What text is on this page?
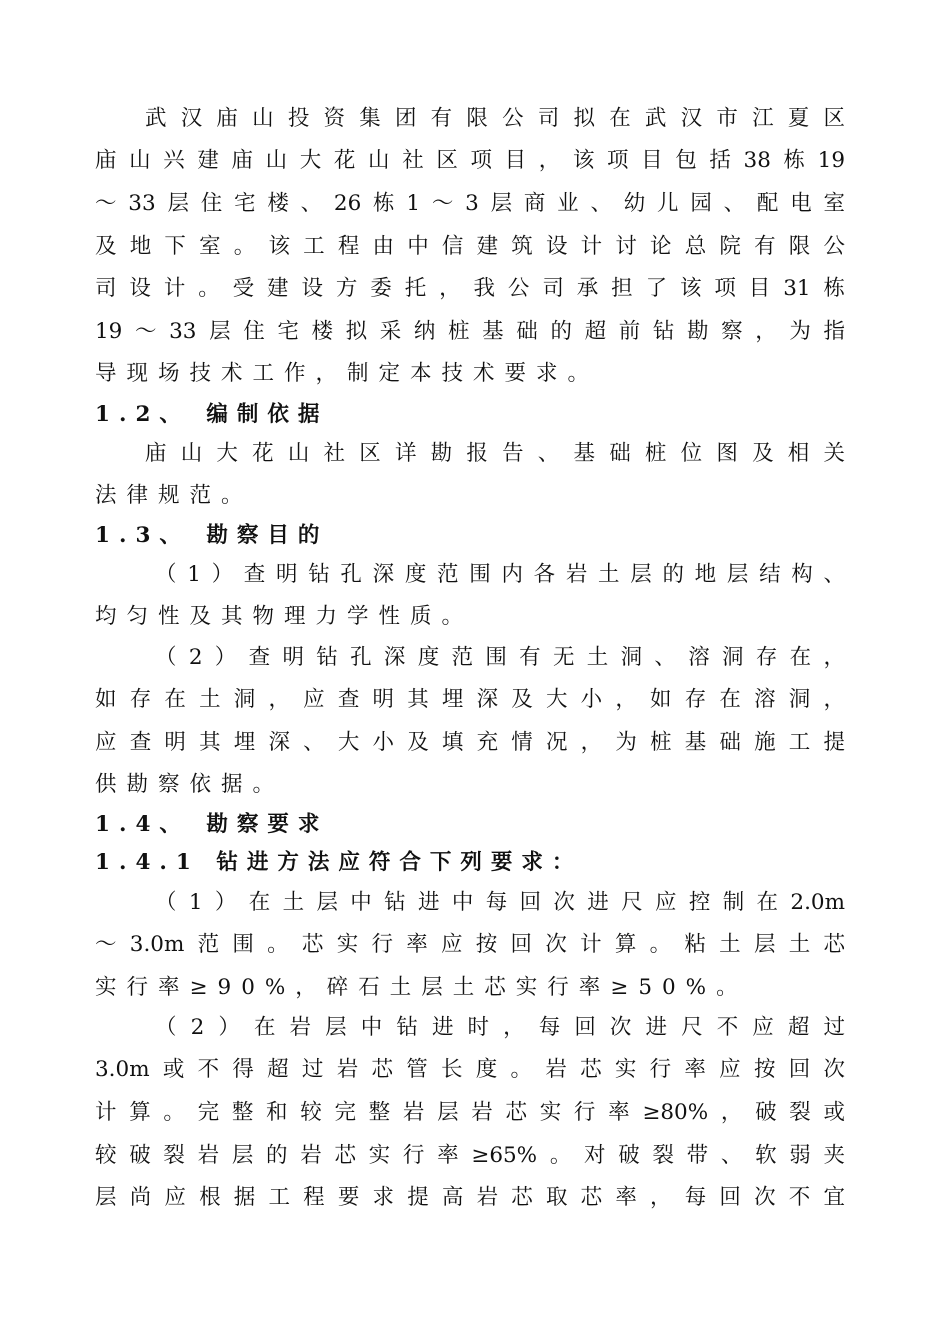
武汉庙山投资集团有限公司拟在武汉市江夏区
庙山兴建庙山大花山社区项目，该项目包括38栋19
～33层住宅楼、26栋1～3层商业、幼儿园、配电室
及地下室。该工程由中信建筑设计讨论总院有限公
司设计。受建设方委托，我公司承担了该项目31栋
19～33层住宅楼拟采纳桩基础的超前钻勘察，为指
导现场技术工作，制定本技术要求。
1.2、 编制依据
庙山大花山社区详勘报告、基础桩位图及相关
法律规范。
1.3、 勘察目的
（1）查明钻孔深度范围内各岩土层的地层结构、
均匀性及其物理力学性质。
（2）查明钻孔深度范围有无土洞、溶洞存在，
如存在土洞，应查明其埋深及大小，如存在溶洞，
应查明其埋深、大小及填充情况，为桩基础施工提
供勘察依据。
1.4、 勘察要求
1.4.1 钻进方法应符合下列要求：
（1）在土层中钻进中每回次进尺应控制在2.0m
～3.0m范围。芯实行率应按回次计算。粘土层土芯
实行率≥90%，碎石土层土芯实行率≥50%。
（2）在岩层中钻进时，每回次进尺不应超过
3.0m或不得超过岩芯管长度。岩芯实行率应按回次
计算。完整和较完整岩层岩芯实行率≥80%，破裂或
较破裂岩层的岩芯实行率≥65%。对破裂带、软弱夹
层尚应根据工程要求提高岩芯取芯率，每回次不宜
